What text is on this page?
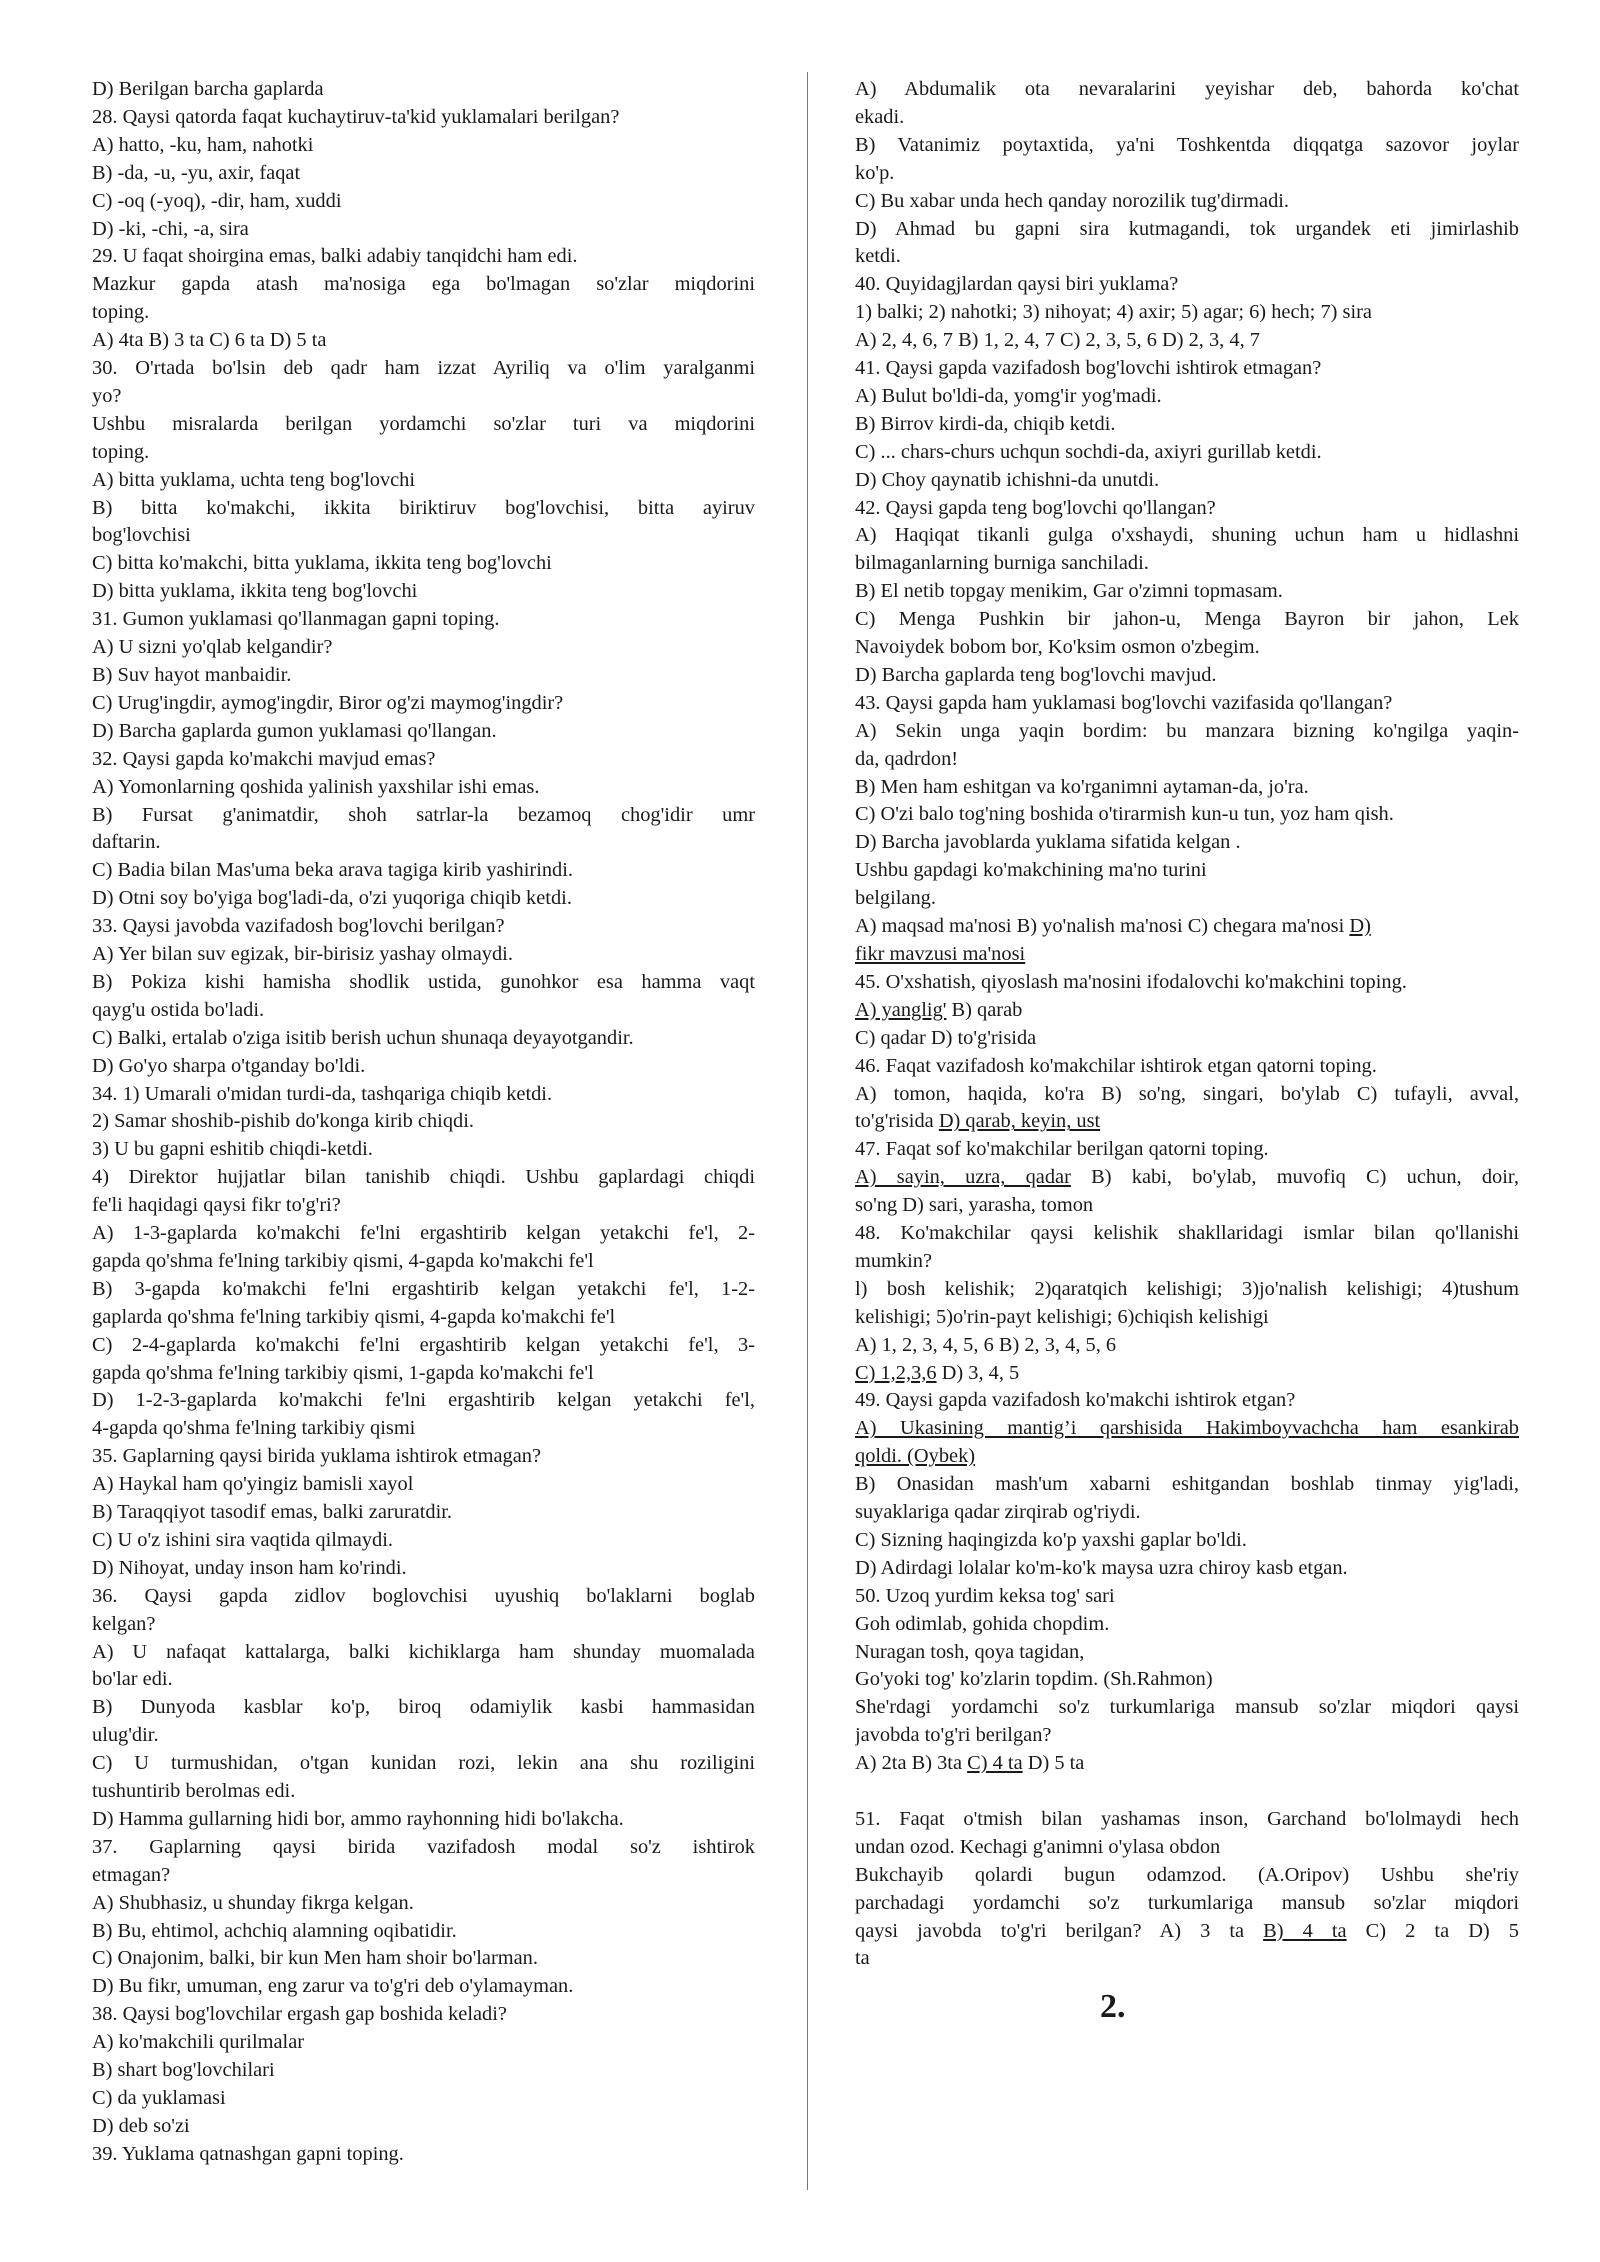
D) Berilgan barcha gaplarda
28. Qaysi qatorda faqat kuchaytiruv-ta'kid yuklamalari berilgan?
A) hatto, -ku, ham, nahotki
B) -da, -u, -yu, axir, faqat
C) -oq (-yoq), -dir, ham, xuddi
D) -ki, -chi, -a, sira
29. U faqat shoirgina emas, balki adabiy tanqidchi ham edi.
Mazkur gapda atash ma'nosiga ega bo'lmagan so'zlar miqdorini
toping.
A) 4ta B) 3 ta C) 6 ta D) 5 ta
30. O'rtada bo'lsin deb qadr ham izzat Ayriliq va o'lim yaralganmi
yo?
Ushbu misralarda berilgan yordamchi so'zlar turi va miqdorini
toping.
A) bitta yuklama, uchta teng bog'lovchi
B) bitta ko'makchi, ikkita biriktiruv bog'lovchisi, bitta ayiruv
bog'lovchisi
C) bitta ko'makchi, bitta yuklama, ikkita teng bog'lovchi
D) bitta yuklama, ikkita teng bog'lovchi
31. Gumon yuklamasi qo'llanmagan gapni toping.
A) U sizni yo'qlab kelgandir?
B) Suv hayot manbaidir.
C) Urug'ingdir, aymog'ingdir, Biror og'zi maymog'ingdir?
D) Barcha gaplarda gumon yuklamasi qo'llangan.
32. Qaysi gapda ko'makchi mavjud emas?
A) Yomonlarning qoshida yalinish yaxshilar ishi emas.
B) Fursat g'animatdir, shoh satrlar-la bezamoq chog'idir umr
daftarin.
C) Badia bilan Mas'uma beka arava tagiga kirib yashirindi.
D) Otni soy bo'yiga bog'ladi-da, o'zi yuqoriga chiqib ketdi.
33. Qaysi javobda vazifadosh bog'lovchi berilgan?
A) Yer bilan suv egizak, bir-birisiz yashay olmaydi.
B) Pokiza kishi hamisha shodlik ustida, gunohkor esa hamma vaqt
qayg'u ostida bo'ladi.
C) Balki, ertalab o'ziga isitib berish uchun shunaqa deyayotgandir.
D) Go'yo sharpa o'tganday bo'ldi.
34. 1) Umarali o'midan turdi-da, tashqariga chiqib ketdi.
2) Samar shoshib-pishib do'konga kirib chiqdi.
3) U bu gapni eshitib chiqdi-ketdi.
4) Direktor hujjatlar bilan tanishib chiqdi. Ushbu gaplardagi chiqdi
fe'li haqidagi qaysi fikr to'g'ri?
A) 1-3-gaplarda ko'makchi fe'lni ergashtirib kelgan yetakchi fe'l, 2-
gapda qo'shma fe'lning tarkibiy qismi, 4-gapda ko'makchi fe'l
B) 3-gapda ko'makchi fe'lni ergashtirib kelgan yetakchi fe'l, 1-2-
gaplarda qo'shma fe'lning tarkibiy qismi, 4-gapda ko'makchi fe'l
C) 2-4-gaplarda ko'makchi fe'lni ergashtirib kelgan yetakchi fe'l, 3-
gapda qo'shma fe'lning tarkibiy qismi, 1-gapda ko'makchi fe'l
D) 1-2-3-gaplarda ko'makchi fe'lni ergashtirib kelgan yetakchi fe'l,
4-gapda qo'shma fe'lning tarkibiy qismi
35. Gaplarning qaysi birida yuklama ishtirok etmagan?
A) Haykal ham qo'yingiz bamisli xayol
B) Taraqqiyot tasodif emas, balki zaruratdir.
C) U o'z ishini sira vaqtida qilmaydi.
D) Nihoyat, unday inson ham ko'rindi.
36. Qaysi gapda zidlov boglovchisi uyushiq bo'laklarni boglab
kelgan?
A) U nafaqat kattalarga, balki kichiklarga ham shunday muomalada
bo'lar edi.
B) Dunyoda kasblar ko'p, biroq odamiylik kasbi hammasidan
ulug'dir.
C) U turmushidan, o'tgan kunidan rozi, lekin ana shu roziligini
tushuntirib berolmas edi.
D) Hamma gullarning hidi bor, ammo rayhonning hidi bo'lakcha.
37. Gaplarning qaysi birida vazifadosh modal so'z ishtirok
etmagan?
A) Shubhasiz, u shunday fikrga kelgan.
B) Bu, ehtimol, achchiq alamning oqibatidir.
C) Onajonim, balki, bir kun Men ham shoir bo'larman.
D) Bu fikr, umuman, eng zarur va to'g'ri deb o'ylamayman.
38. Qaysi bog'lovchilar ergash gap boshida keladi?
A) ko'makchili qurilmalar
B) shart bog'lovchilari
C) da yuklamasi
D) deb so'zi
39. Yuklama qatnashgan gapni toping.
A) Abdumalik ota nevaralarini yeyishar deb, bahorda ko'chat
ekadi.
B) Vatanimiz poytaxtida, ya'ni Toshkentda diqqatga sazovor joylar
ko'p.
C) Bu xabar unda hech qanday norozilik tug'dirmadi.
D) Ahmad bu gapni sira kutmagandi, tok urgandek eti jimirlashib
ketdi.
40. Quyidagjlardan qaysi biri yuklama?
1) balki; 2) nahotki; 3) nihoyat; 4) axir; 5) agar; 6) hech; 7) sira
A) 2, 4, 6, 7 B) 1, 2, 4, 7 C) 2, 3, 5, 6 D) 2, 3, 4, 7
41. Qaysi gapda vazifadosh bog'lovchi ishtirok etmagan?
A) Bulut bo'ldi-da, yomg'ir yog'madi.
B) Birrov kirdi-da, chiqib ketdi.
C) ... chars-churs uchqun sochdi-da, axiyri gurillab ketdi.
D) Choy qaynatib ichishni-da unutdi.
42. Qaysi gapda teng bog'lovchi qo'llangan?
A) Haqiqat tikanli gulga o'xshaydi, shuning uchun ham u hidlashni
bilmaganlarning burniga sanchiladi.
B) El netib topgay menikim, Gar o'zimni topmasam.
C) Menga Pushkin bir jahon-u, Menga Bayron bir jahon, Lek
Navoiydek bobom bor, Ko'ksim osmon o'zbegim.
D) Barcha gaplarda teng bog'lovchi mavjud.
43. Qaysi gapda ham yuklamasi bog'lovchi vazifasida qo'llangan?
A) Sekin unga yaqin bordim: bu manzara bizning ko'ngilga yaqin-
da, qadrdon!
B) Men ham eshitgan va ko'rganimni aytaman-da, jo'ra.
C) O'zi balo tog'ning boshida o'tirarmish kun-u tun, yoz ham qish.
D) Barcha javoblarda yuklama sifatida kelgan .
Ushbu gapdagi ko'makchining ma'no turini
belgilang.
A) maqsad ma'nosi B) yo'nalish ma'nosi C) chegara ma'nosi D)
fikr mavzusi ma'nosi
45. O'xshatish, qiyoslash ma'nosini ifodalovchi ko'makchini toping.
A) yanglig' B) qarab
C) qadar D) to'g'risida
46. Faqat vazifadosh ko'makchilar ishtirok etgan qatorni toping.
A) tomon, haqida, ko'ra B) so'ng, singari, bo'ylab C) tufayli, avval,
to'g'risida D) qarab, keyin, ust
47. Faqat sof ko'makchilar berilgan qatorni toping.
A) sayin, uzra, qadar B) kabi, bo'ylab, muvofiq C) uchun, doir,
so'ng D) sari, yarasha, tomon
48. Ko'makchilar qaysi kelishik shakllaridagi ismlar bilan qo'llanishi
mumkin?
l) bosh kelishik; 2)qaratqich kelishigi; 3)jo'nalish kelishigi; 4)tushum
kelishigi; 5)o'rin-payt kelishigi; 6)chiqish kelishigi
A) 1, 2, 3, 4, 5, 6 B) 2, 3, 4, 5, 6
C) 1,2,3,6 D) 3, 4, 5
49. Qaysi gapda vazifadosh ko'makchi ishtirok etgan?
A) Ukasining mantig’i qarshisida Hakimboyvachcha ham esankirab
qoldi. (Oybek)
B) Onasidan mash'um xabarni eshitgandan boshlab tinmay yig'ladi,
suyaklariga qadar zirqirab og'riydi.
C) Sizning haqingizda ko'p yaxshi gaplar bo'ldi.
D) Adirdagi lolalar ko'm-ko'k maysa uzra chiroy kasb etgan.
50. Uzoq yurdim keksa tog' sari
Goh odimlab, gohida chopdim.
Nuragan tosh, qoya tagidan,
Go'yoki tog' ko'zlarin topdim. (Sh.Rahmon)
She'rdagi yordamchi so'z turkumlariga mansub so'zlar miqdori qaysi
javobda to'g'ri berilgan?
A) 2ta B) 3ta C) 4 ta D) 5 ta
51. Faqat o'tmish bilan yashamas inson, Garchand bo'lolmaydi hech
undan ozod. Kechagi g'animni o'ylasa obdon
Bukchayib qolardi bugun odamzod. (A.Oripov) Ushbu she'riy
parchadagi yordamchi so'z turkumlariga mansub so'zlar miqdori
qaysi javobda to'g'ri berilgan? A) 3 ta B) 4 ta C) 2 ta D) 5
ta
2.
